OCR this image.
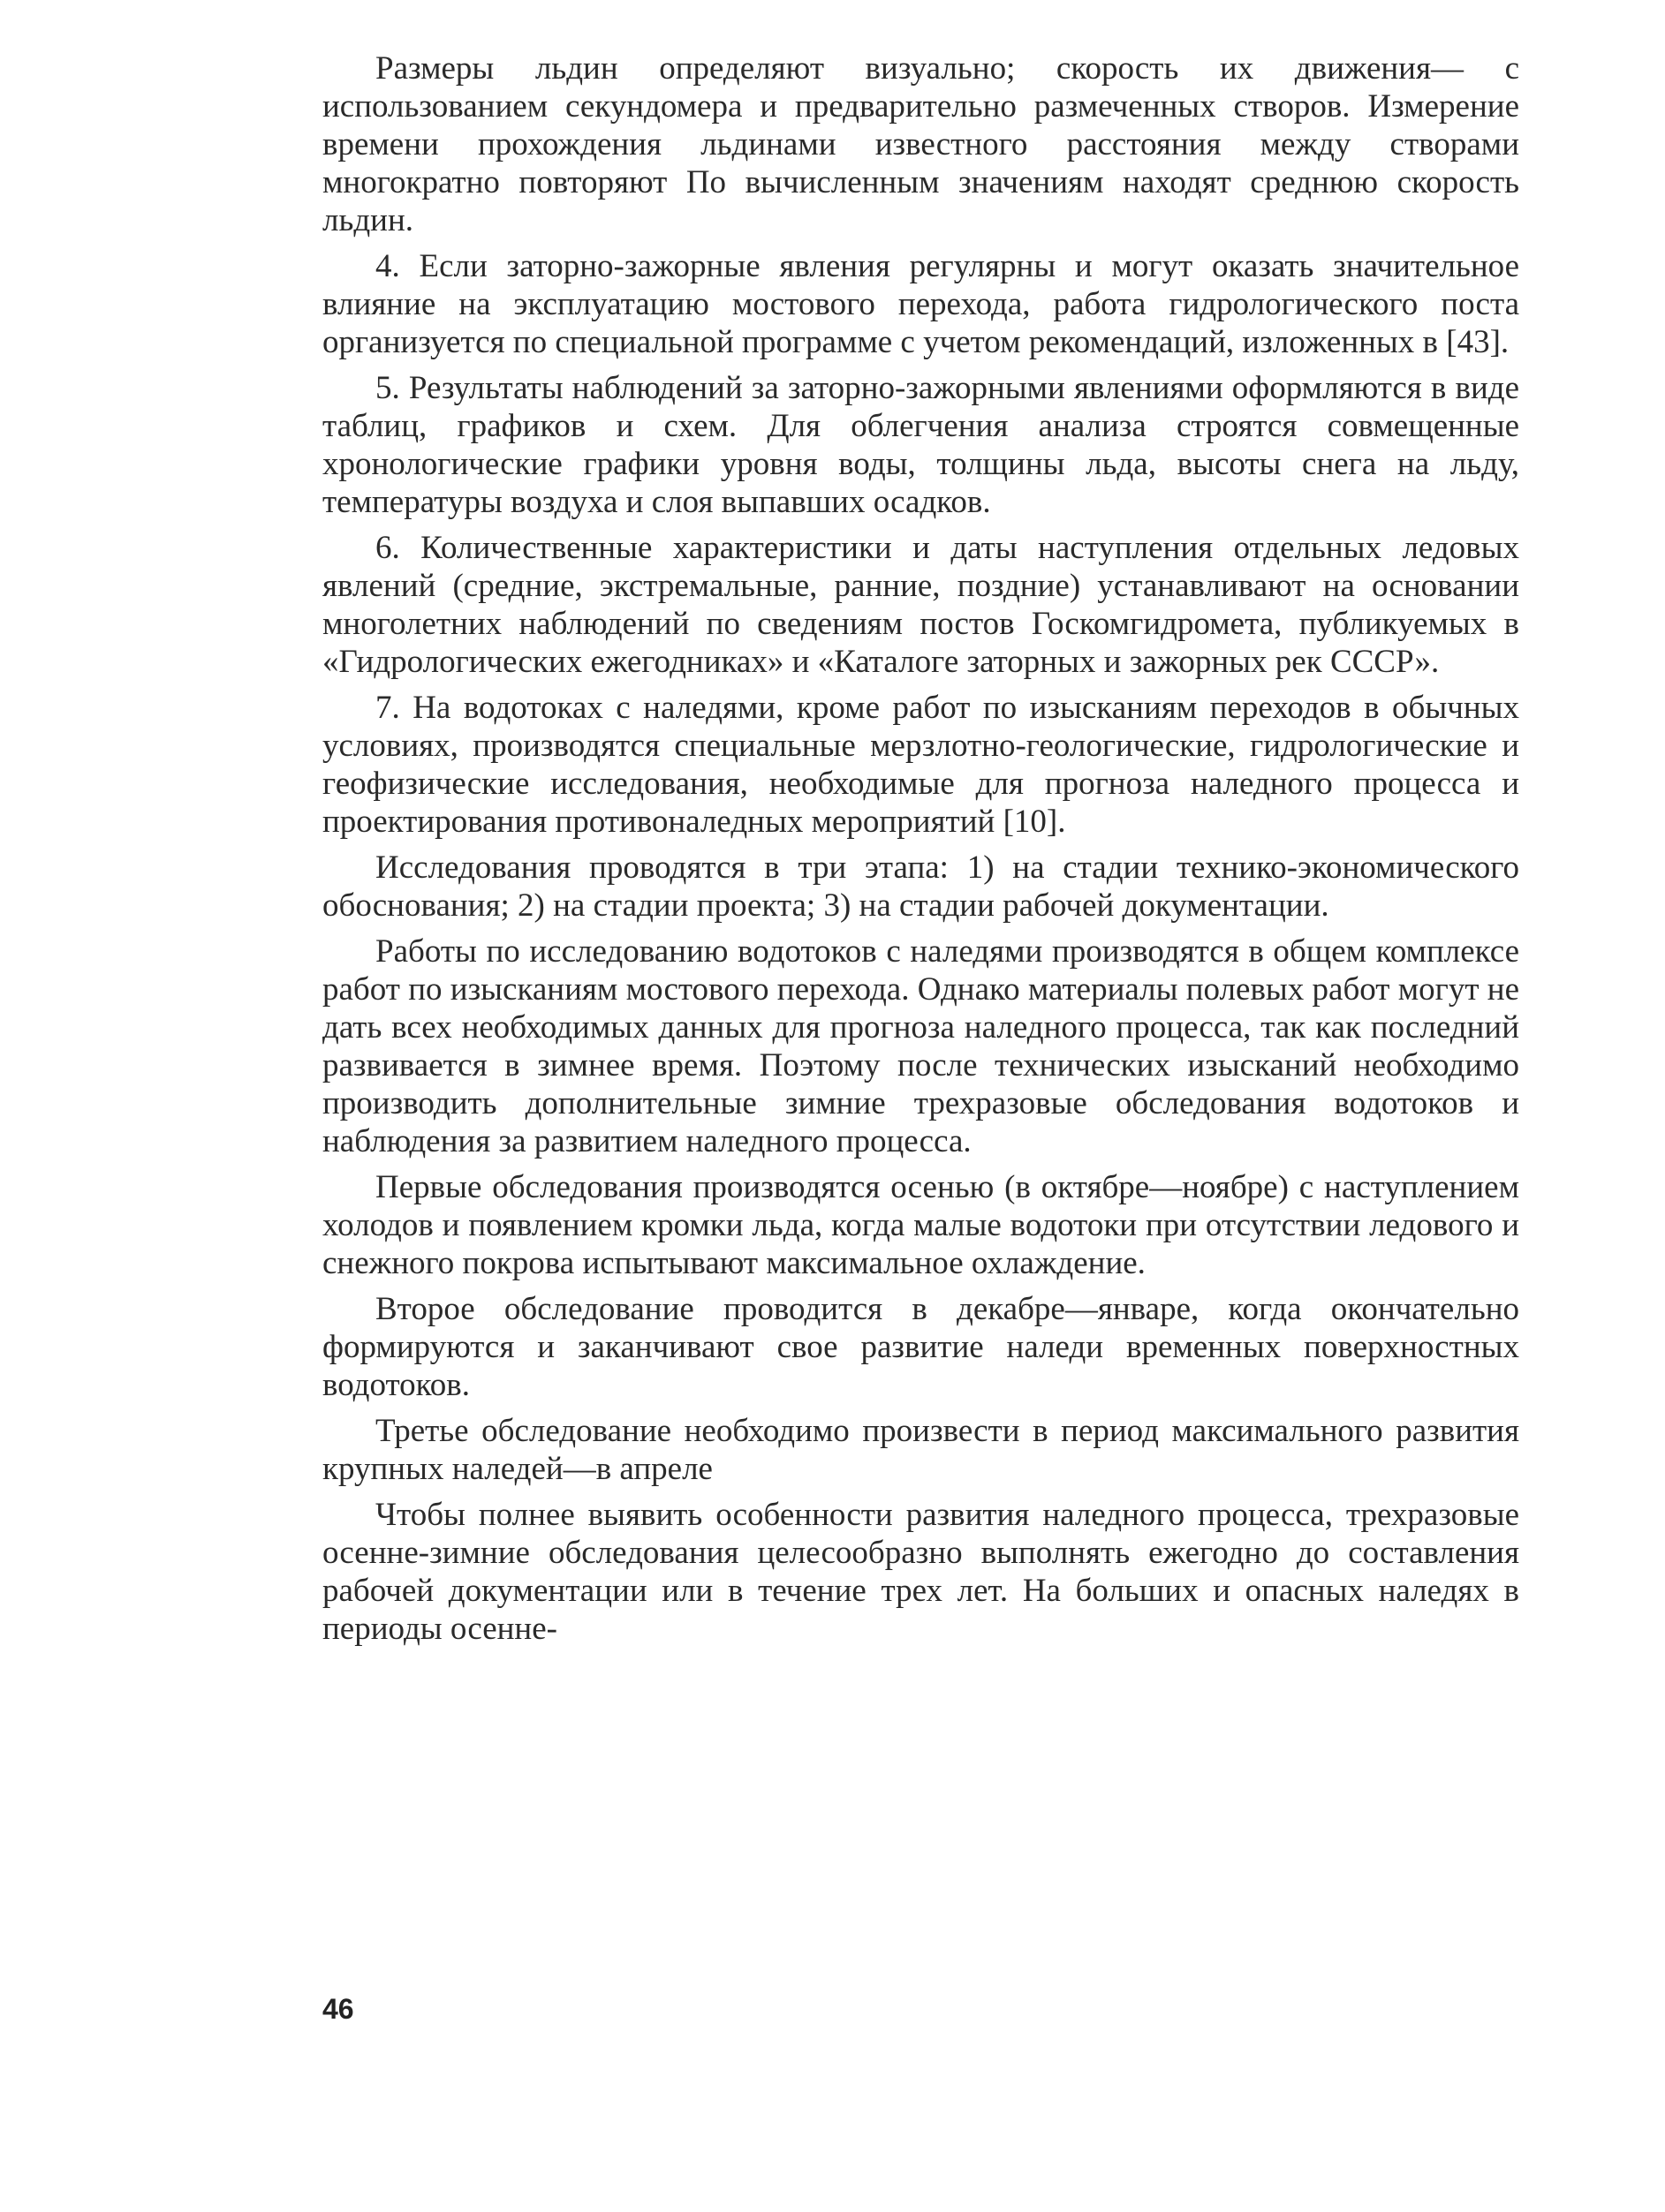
Размеры льдин определяют визуально; скорость их движения— с использованием секундомера и предварительно размеченных створов. Измерение времени прохождения льдинами известного расстояния между створами многократно повторяют По вычисленным значениям находят среднюю скорость льдин.

4. Если заторно-зажорные явления регулярны и могут оказать значительное влияние на эксплуатацию мостового перехода, работа гидрологического поста организуется по специальной программе с учетом рекомендаций, изложенных в [43].

5. Результаты наблюдений за заторно-зажорными явлениями оформляются в виде таблиц, графиков и схем. Для облегчения анализа строятся совмещенные хронологические графики уровня воды, толщины льда, высоты снега на льду, температуры воздуха и слоя выпавших осадков.

6. Количественные характеристики и даты наступления отдельных ледовых явлений (средние, экстремальные, ранние, поздние) устанавливают на основании многолетних наблюдений по сведениям постов Госкомгидромета, публикуемых в «Гидрологических ежегодниках» и «Каталоге заторных и зажорных рек СССР».

7. На водотоках с наледями, кроме работ по изысканиям переходов в обычных условиях, производятся специальные мерзлотно-геологические, гидрологические и геофизические исследования, необходимые для прогноза наледного процесса и проектирования противоналедных мероприятий [10].

Исследования проводятся в три этапа: 1) на стадии технико-экономического обоснования; 2) на стадии проекта; 3) на стадии рабочей документации.

Работы по исследованию водотоков с наледями производятся в общем комплексе работ по изысканиям мостового перехода. Однако материалы полевых работ могут не дать всех необходимых данных для прогноза наледного процесса, так как последний развивается в зимнее время. Поэтому после технических изысканий необходимо производить дополнительные зимние трехразовые обследования водотоков и наблюдения за развитием наледного процесса.

Первые обследования производятся осенью (в октябре—ноябре) с наступлением холодов и появлением кромки льда, когда малые водотоки при отсутствии ледового и снежного покрова испытывают максимальное охлаждение.

Второе обследование проводится в декабре—январе, когда окончательно формируются и заканчивают свое развитие наледи временных поверхностных водотоков.

Третье обследование необходимо произвести в период максимального развития крупных наледей—в апреле

Чтобы полнее выявить особенности развития наледного процесса, трехразовые осенне-зимние обследования целесообразно выполнять ежегодно до составления рабочей документации или в течение трех лет. На больших и опасных наледях в периоды осенне-

46
